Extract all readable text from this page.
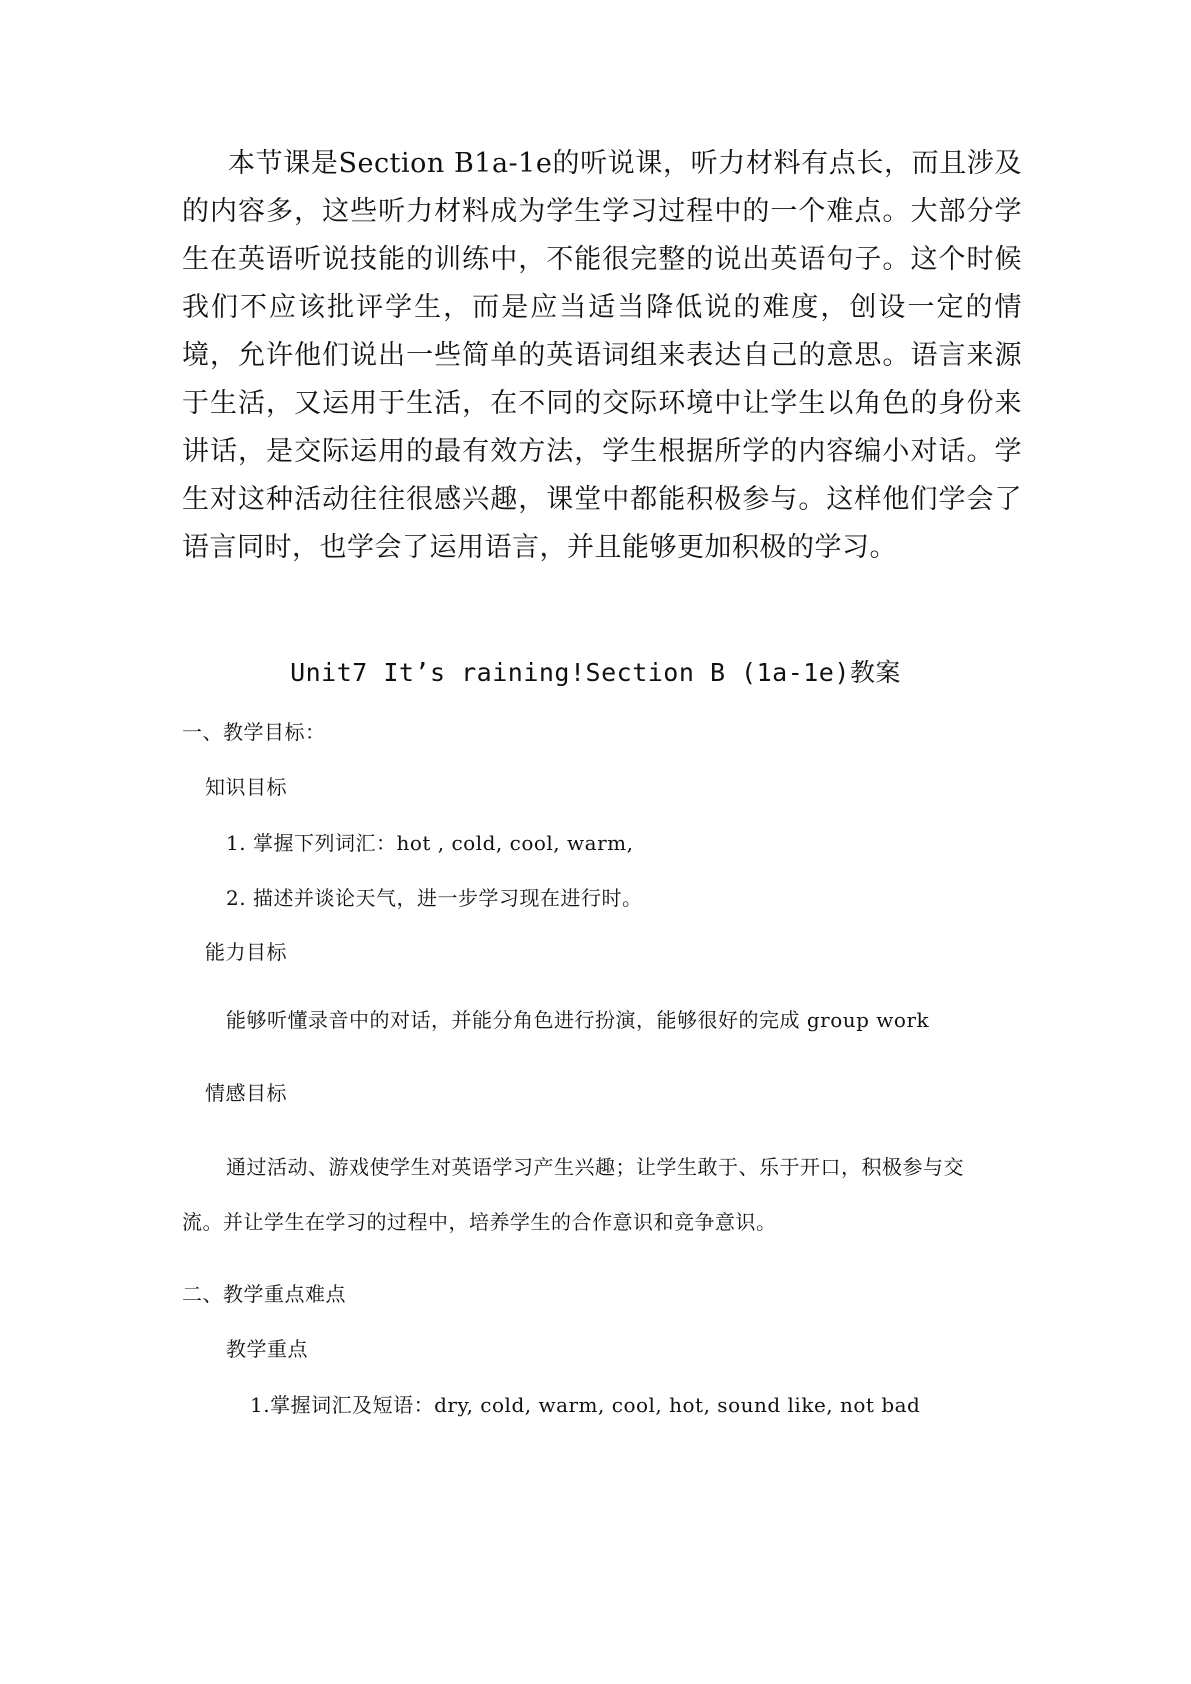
本节课是Section B1a-1e的听说课，听力材料有点长，而且涉及的内容多，这些听力材料成为学生学习过程中的一个难点。大部分学生在英语听说技能的训练中，不能很完整的说出英语句子。这个时候我们不应该批评学生，而是应当适当降低说的难度，创设一定的情境，允许他们说出一些简单的英语词组来表达自己的意思。语言来源于生活，又运用于生活，在不同的交际环境中让学生以角色的身份来讲话，是交际运用的最有效方法，学生根据所学的内容编小对话。学生对这种活动往往很感兴趣，课堂中都能积极参与。这样他们学会了语言同时，也学会了运用语言，并且能够更加积极的学习。

Unit7 It’s raining!Section B (1a-1e)教案
一、教学目标：
知识目标
1. 掌握下列词汇：hot , cold, cool, warm,
2. 描述并谈论天气，进一步学习现在进行时。
能力目标
能够听懂录音中的对话，并能分角色进行扮演，能够很好的完成 group work
情感目标
通过活动、游戏使学生对英语学习产生兴趣；让学生敢于、乐于开口，积极参与交
流。并让学生在学习的过程中，培养学生的合作意识和竞争意识。
二、教学重点难点
教学重点
1.掌握词汇及短语：dry, cold, warm, cool, hot, sound like, not bad
